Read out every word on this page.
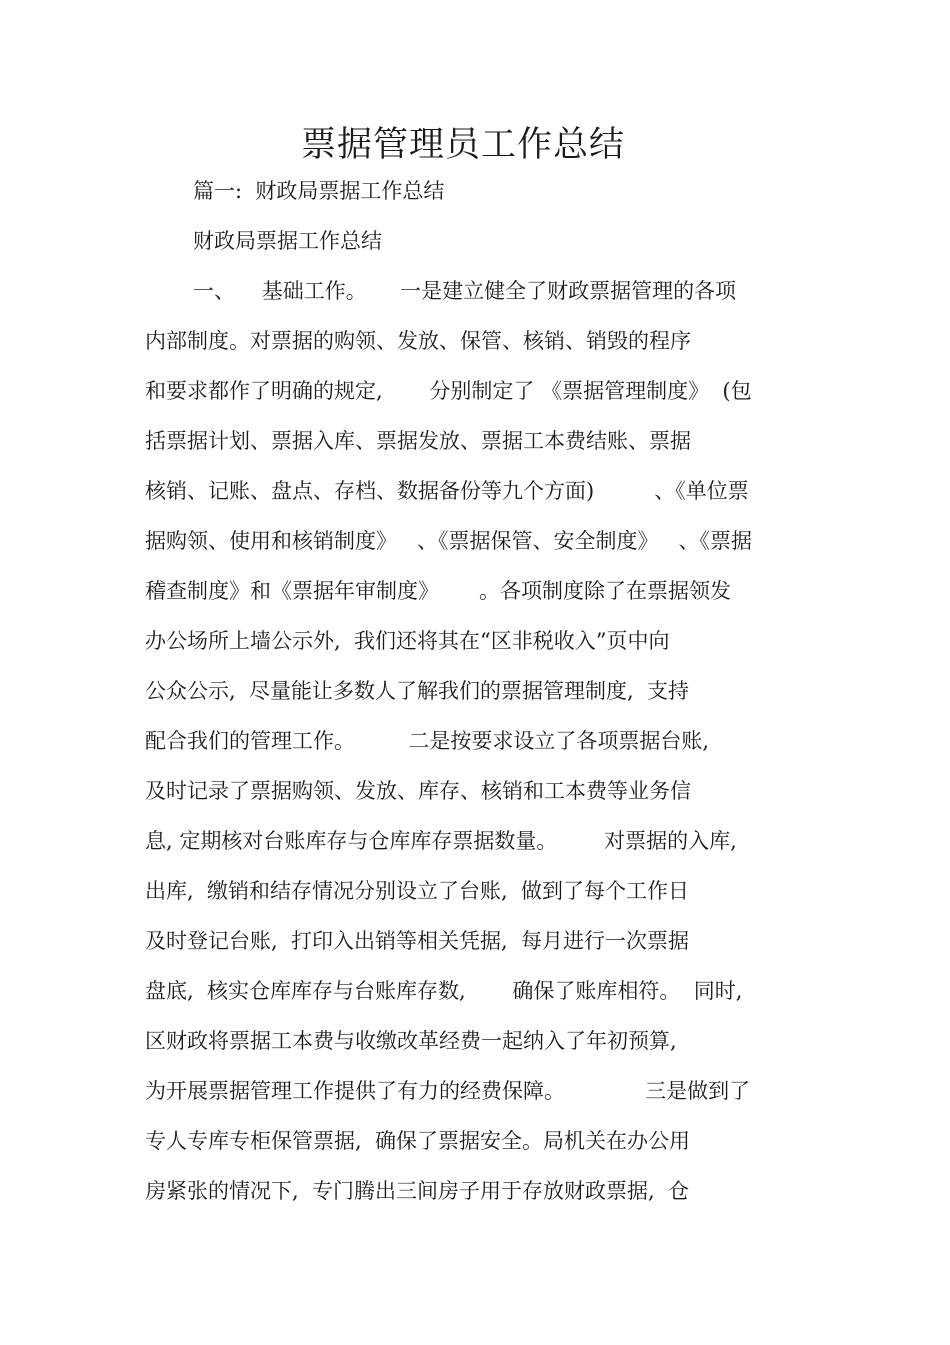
票据管理员工作总结

篇一:  财政局票据工作总结

财政局票据工作总结

一、    基础工作。     一是建立健全了财政票据管理的各项

内部制度。对票据的购领、发放、保管、核销、销毁的程序

和要求都作了明确的规定,       分别制定了 《票据管理制度》  (包

括票据计划、票据入库、票据发放、票据工本费结账、票据

核销、记账、盘点、存档、数据备份等九个方面)         、《单位票

据购领、使用和核销制度》   、《票据保管、安全制度》   、《票据

稽查制度》和《票据年审制度》      。各项制度除了在票据领发

办公场所上墙公示外,  我们还将其在“区非税收入”页中向

公众公示,  尽量能让多数人了解我们的票据管理制度,  支持

配合我们的管理工作。        二是按要求设立了各项票据台账,

及时记录了票据购领、发放、库存、核销和工本费等业务信

息, 定期核对台账库存与仓库库存票据数量。       对票据的入库,

出库,  缴销和结存情况分别设立了台账,  做到了每个工作日

及时登记台账,  打印入出销等相关凭据,  每月进行一次票据

盘底,  核实仓库库存与台账库存数,       确保了账库相符。  同时,

区财政将票据工本费与收缴改革经费一起纳入了年初预算,

为开展票据管理工作提供了有力的经费保障。            三是做到了

专人专库专柜保管票据,  确保了票据安全。局机关在办公用

房紧张的情况下,  专门腾出三间房子用于存放财政票据,  仓
